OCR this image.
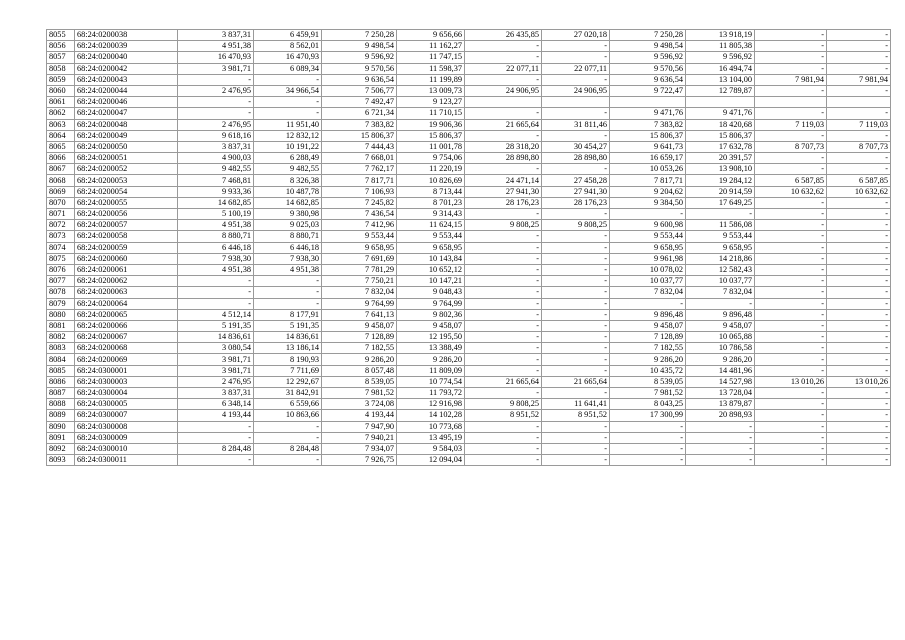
8055	68:24:0200038	3 837,31	6 459,91	7 250,28	9 656,66	26 435,85	27 020,18	7 250,28	13 918,19	-	-
8056	68:24:0200039	4 951,38	8 562,01	9 498,54	11 162,27	-	-	9 498,54	11 805,38	-	-
8057	68:24:0200040	16 470,93	16 470,93	9 596,92	11 747,15	-	-	9 596,92	9 596,92	-	-
8058	68:24:0200042	3 981,71	6 089,34	9 570,56	11 598,37	22 077,11	22 077,11	9 570,56	16 494,74	-	-
8059	68:24:0200043	-	-	9 636,54	11 199,89	-	-	9 636,54	13 104,00	7 981,94	7 981,94
8060	68:24:0200044	2 476,95	34 966,54	7 506,77	13 009,73	24 906,95	24 906,95	9 722,47	12 789,87	-	-
8061	68:24:0200046	-	-	7 492,47	9 123,27						
8062	68:24:0200047	-	-	6 721,34	11 710,15	-	-	9 471,76	9 471,76	-	-
8063	68:24:0200048	2 476,95	11 951,40	7 383,82	19 906,36	21 665,64	31 811,46	7 383,82	18 420,68	7 119,03	7 119,03
8064	68:24:0200049	9 618,16	12 832,12	15 806,37	15 806,37	-	-	15 806,37	15 806,37	-	-
8065	68:24:0200050	3 837,31	10 191,22	7 444,43	11 001,78	28 318,20	30 454,27	9 641,73	17 632,78	8 707,73	8 707,73
8066	68:24:0200051	4 900,03	6 288,49	7 668,01	9 754,06	28 898,80	28 898,80	16 659,17	20 391,57	-	-
8067	68:24:0200052	9 482,55	9 482,55	7 762,17	11 220,19	-	-	10 053,26	13 908,10	-	-
8068	68:24:0200053	7 468,81	8 326,38	7 817,71	10 826,69	24 471,14	27 458,28	7 817,71	19 284,12	6 587,85	6 587,85
8069	68:24:0200054	9 933,36	10 487,78	7 106,93	8 713,44	27 941,30	27 941,30	9 204,62	20 914,59	10 632,62	10 632,62
8070	68:24:0200055	14 682,85	14 682,85	7 245,82	8 701,23	28 176,23	28 176,23	9 384,50	17 649,25	-	-
8071	68:24:0200056	5 100,19	9 380,98	7 436,54	9 314,43	-	-	-	-	-	-
8072	68:24:0200057	4 951,38	9 025,03	7 412,96	11 624,15	9 808,25	9 808,25	9 600,98	11 586,08	-	-
8073	68:24:0200058	8 880,71	8 880,71	9 553,44	9 553,44	-	-	9 553,44	9 553,44	-	-
8074	68:24:0200059	6 446,18	6 446,18	9 658,95	9 658,95	-	-	9 658,95	9 658,95	-	-
8075	68:24:0200060	7 938,30	7 938,30	7 691,69	10 143,84	-	-	9 961,98	14 218,86	-	-
8076	68:24:0200061	4 951,38	4 951,38	7 781,29	10 652,12	-	-	10 078,02	12 582,43	-	-
8077	68:24:0200062	-	-	7 750,21	10 147,21	-	-	10 037,77	10 037,77	-	-
8078	68:24:0200063	-	-	7 832,04	9 048,43	-	-	7 832,04	7 832,04	-	-
8079	68:24:0200064	-	-	9 764,99	9 764,99	-	-	-	-	-	-
8080	68:24:0200065	4 512,14	8 177,91	7 641,13	9 802,36	-	-	9 896,48	9 896,48	-	-
8081	68:24:0200066	5 191,35	5 191,35	9 458,07	9 458,07	-	-	9 458,07	9 458,07	-	-
8082	68:24:0200067	14 836,61	14 836,61	7 128,89	12 195,50	-	-	7 128,89	10 065,88	-	-
8083	68:24:0200068	3 080,54	13 186,14	7 182,55	13 388,49	-	-	7 182,55	10 786,58	-	-
8084	68:24:0200069	3 981,71	8 190,93	9 286,20	9 286,20	-	-	9 286,20	9 286,20	-	-
8085	68:24:0300001	3 981,71	7 711,69	8 057,48	11 809,09	-	-	10 435,72	14 481,96	-	-
8086	68:24:0300003	2 476,95	12 292,67	8 539,05	10 774,54	21 665,64	21 665,64	8 539,05	14 527,98	13 010,26	13 010,26
8087	68:24:0300004	3 837,31	31 842,91	7 981,52	11 793,72	-	-	7 981,52	13 728,04	-	-
8088	68:24:0300005	6 348,14	6 559,66	3 724,08	12 916,98	9 808,25	11 641,41	8 043,25	13 879,87	-	-
8089	68:24:0300007	4 193,44	10 863,66	4 193,44	14 102,28	8 951,52	8 951,52	17 300,99	20 898,93	-	-
8090	68:24:0300008	-	-	7 947,90	10 773,68	-	-	-	-	-	-
8091	68:24:0300009	-	-	7 940,21	13 495,19	-	-	-	-	-	-
8092	68:24:0300010	8 284,48	8 284,48	7 934,07	9 584,03	-	-	-	-	-	-
8093	68:24:0300011	-	-	7 926,75	12 094,04	-	-	-	-	-	-
